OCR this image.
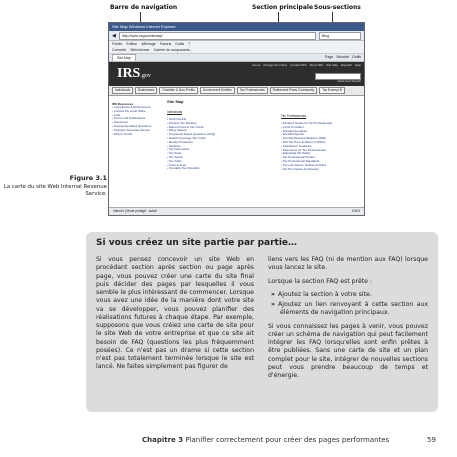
Barre de navigation	Section principale Sous-sections
Figure 3.1
La carte du site Web Internal Revenue Service.
Site Map Windows Internet Explorer
◀	http://www.irsgov/sitemap/	Bing
Fichier Edition Affichage Favoris Outils ?
Convertir Sélectionner Galerie de composants...
Site Map	Page Sécurité Outils
IRS.gov
Home Change Font Size Contact IRS About IRS Site Map Español Help
Advanced Search
Individuals	Businesses	Charities & Non-Profits	Government Entities	Tax Professionals	Retirement Plans Community	Tax Exempt B
IRS Resources
› Compliance & Enforcement
› Contact My Local Office
› e-file
› Forms and Publications
› Newsroom
› Frequently Asked Questions
› Taxpayer Advocate Service
› Where To File
Site Map
Individuals
› 1040 Central
› Abusive Tax Shelters
› Earned Income Tax Credit
› Filing Season
› Frequently Asked Questions (FAQ)
› Health Coverage Tax Credit
› Identity Protection
› Students
› Tax Information
› Tax Stats
› Tax Topics
› Tax Trails
› Tools & Apps
› Yourdaily Tax Checklist
Tax Professionals
› Advance Notice for Tax Professionals
› e-File Providers
› Enrolled Actuaries
› Enrolled Agents
› Internal Revenue Bulletins (IRB)
› IRS Tax Pro's E-Return (ITPEO)
› Practitioner Guidance
› Resources for Tax Professionals
› Educating the Public
› Tax Professional Pocket
› Tax Professional Standards
› Tax Law Issues, Notices & Rules
› Tax Pros News and Events
Internet | Mode protégé : activé	100%
Si vous créez un site partie par partie…

Si vous pensez concevoir un site Web en procédant section après section ou page après page, vous pouvez créer une carte du site final puis décider des pages par lesquelles il vous semble le plus intéressant de commencer. Lorsque vous avez une idée de la manière dont votre site va se développer, vous pouvez planifier des réalisations futures à chaque étape. Par exemple, supposons que vous créiez une carte de site pour le site Web de votre entreprise et que ce site ait besoin de FAQ (questions les plus fréquemment posées). Ce n'est pas un drame si cette section n'est pas totalement terminée lorsque le site est lancé. Ne faites simplement pas figurer de

liens vers les FAQ (ni de mention aux FAQ) lorsque vous lancez le site.

Lorsque la section FAQ est prête :

» Ajoutez la section à votre site.
» Ajoutez un lien renvoyant à cette section aux éléments de navigation principaux.

Si vous connaissez les pages à venir, vous pouvez créer un schéma de navigation qui peut facilement intégrer les FAQ lorsqu'elles sont enfin prêtes à être publiées. Sans une carte de site et un plan complet pour le site, intégrer de nouvelles sections peut vous prendre beaucoup de temps et d'énergie.

Chapitre 3 Planifier correctement pour créer des pages performantes	59
